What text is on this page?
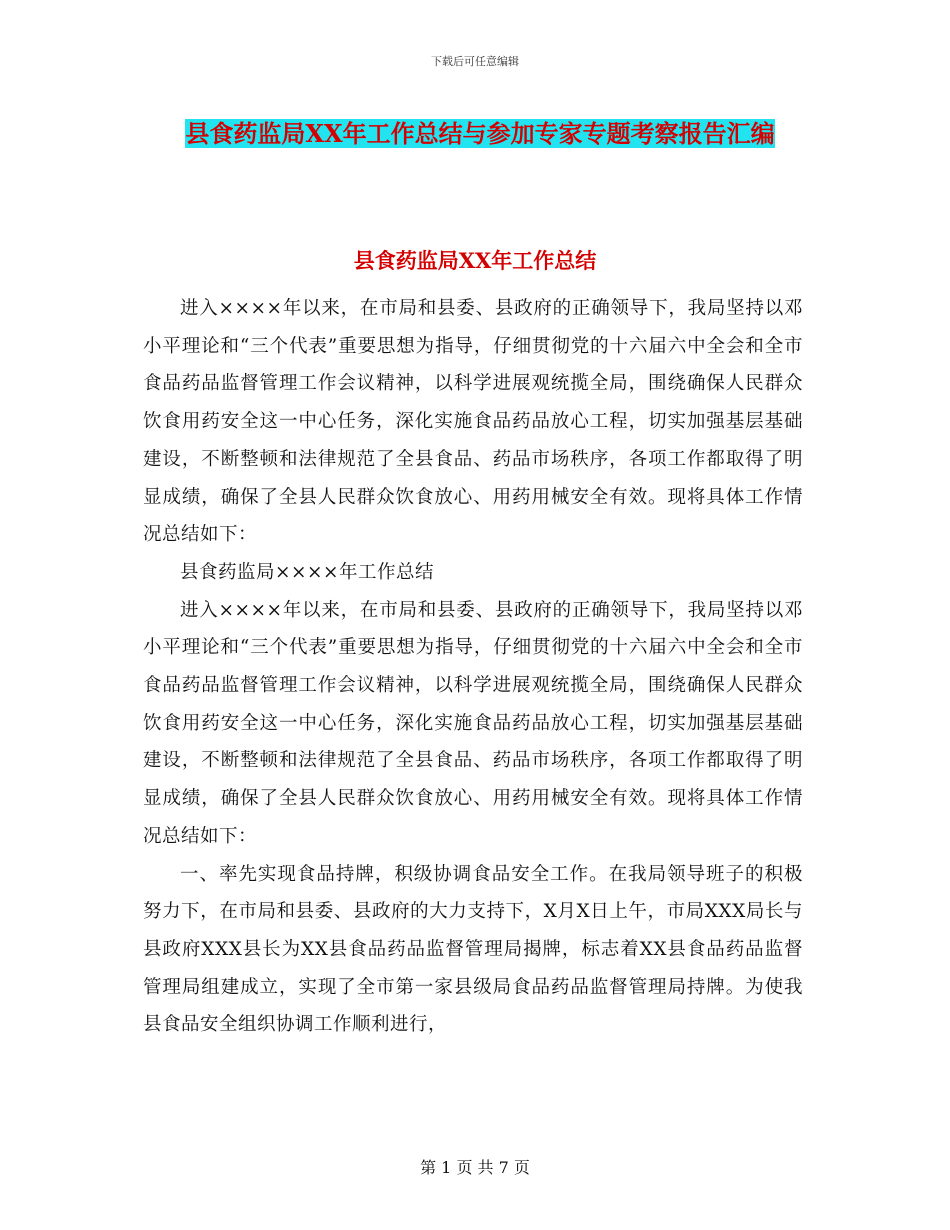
下载后可任意编辑
县食药监局XX年工作总结与参加专家专题考察报告汇编
县食药监局XX年工作总结

进入××××年以来，在市局和县委、县政府的正确领导下，我局坚持以邓小平理论和“三个代表”重要思想为指导，仔细贯彻党的十六届六中全会和全市食品药品监督管理工作会议精神，以科学进展观统揽全局，围绕确保人民群众饮食用药安全这一中心任务，深化实施食品药品放心工程，切实加强基层基础建设，不断整顿和法律规范了全县食品、药品市场秩序，各项工作都取得了明显成绩，确保了全县人民群众饮食放心、用药用械安全有效。现将具体工作情况总结如下：

县食药监局××××年工作总结

进入××××年以来，在市局和县委、县政府的正确领导下，我局坚持以邓小平理论和“三个代表”重要思想为指导，仔细贯彻党的十六届六中全会和全市食品药品监督管理工作会议精神，以科学进展观统揽全局，围绕确保人民群众饮食用药安全这一中心任务，深化实施食品药品放心工程，切实加强基层基础建设，不断整顿和法律规范了全县食品、药品市场秩序，各项工作都取得了明显成绩，确保了全县人民群众饮食放心、用药用械安全有效。现将具体工作情况总结如下：

一、率先实现食品持牌，积级协调食品安全工作。在我局领导班子的积极努力下，在市局和县委、县政府的大力支持下，X月X日上午，市局XXX局长与县政府XXX县长为XX县食品药品监督管理局揭牌，标志着XX县食品药品监督管理局组建成立，实现了全市第一家县级局食品药品监督管理局持牌。为使我县食品安全组织协调工作顺利进行，

第 1 页 共 7 页
